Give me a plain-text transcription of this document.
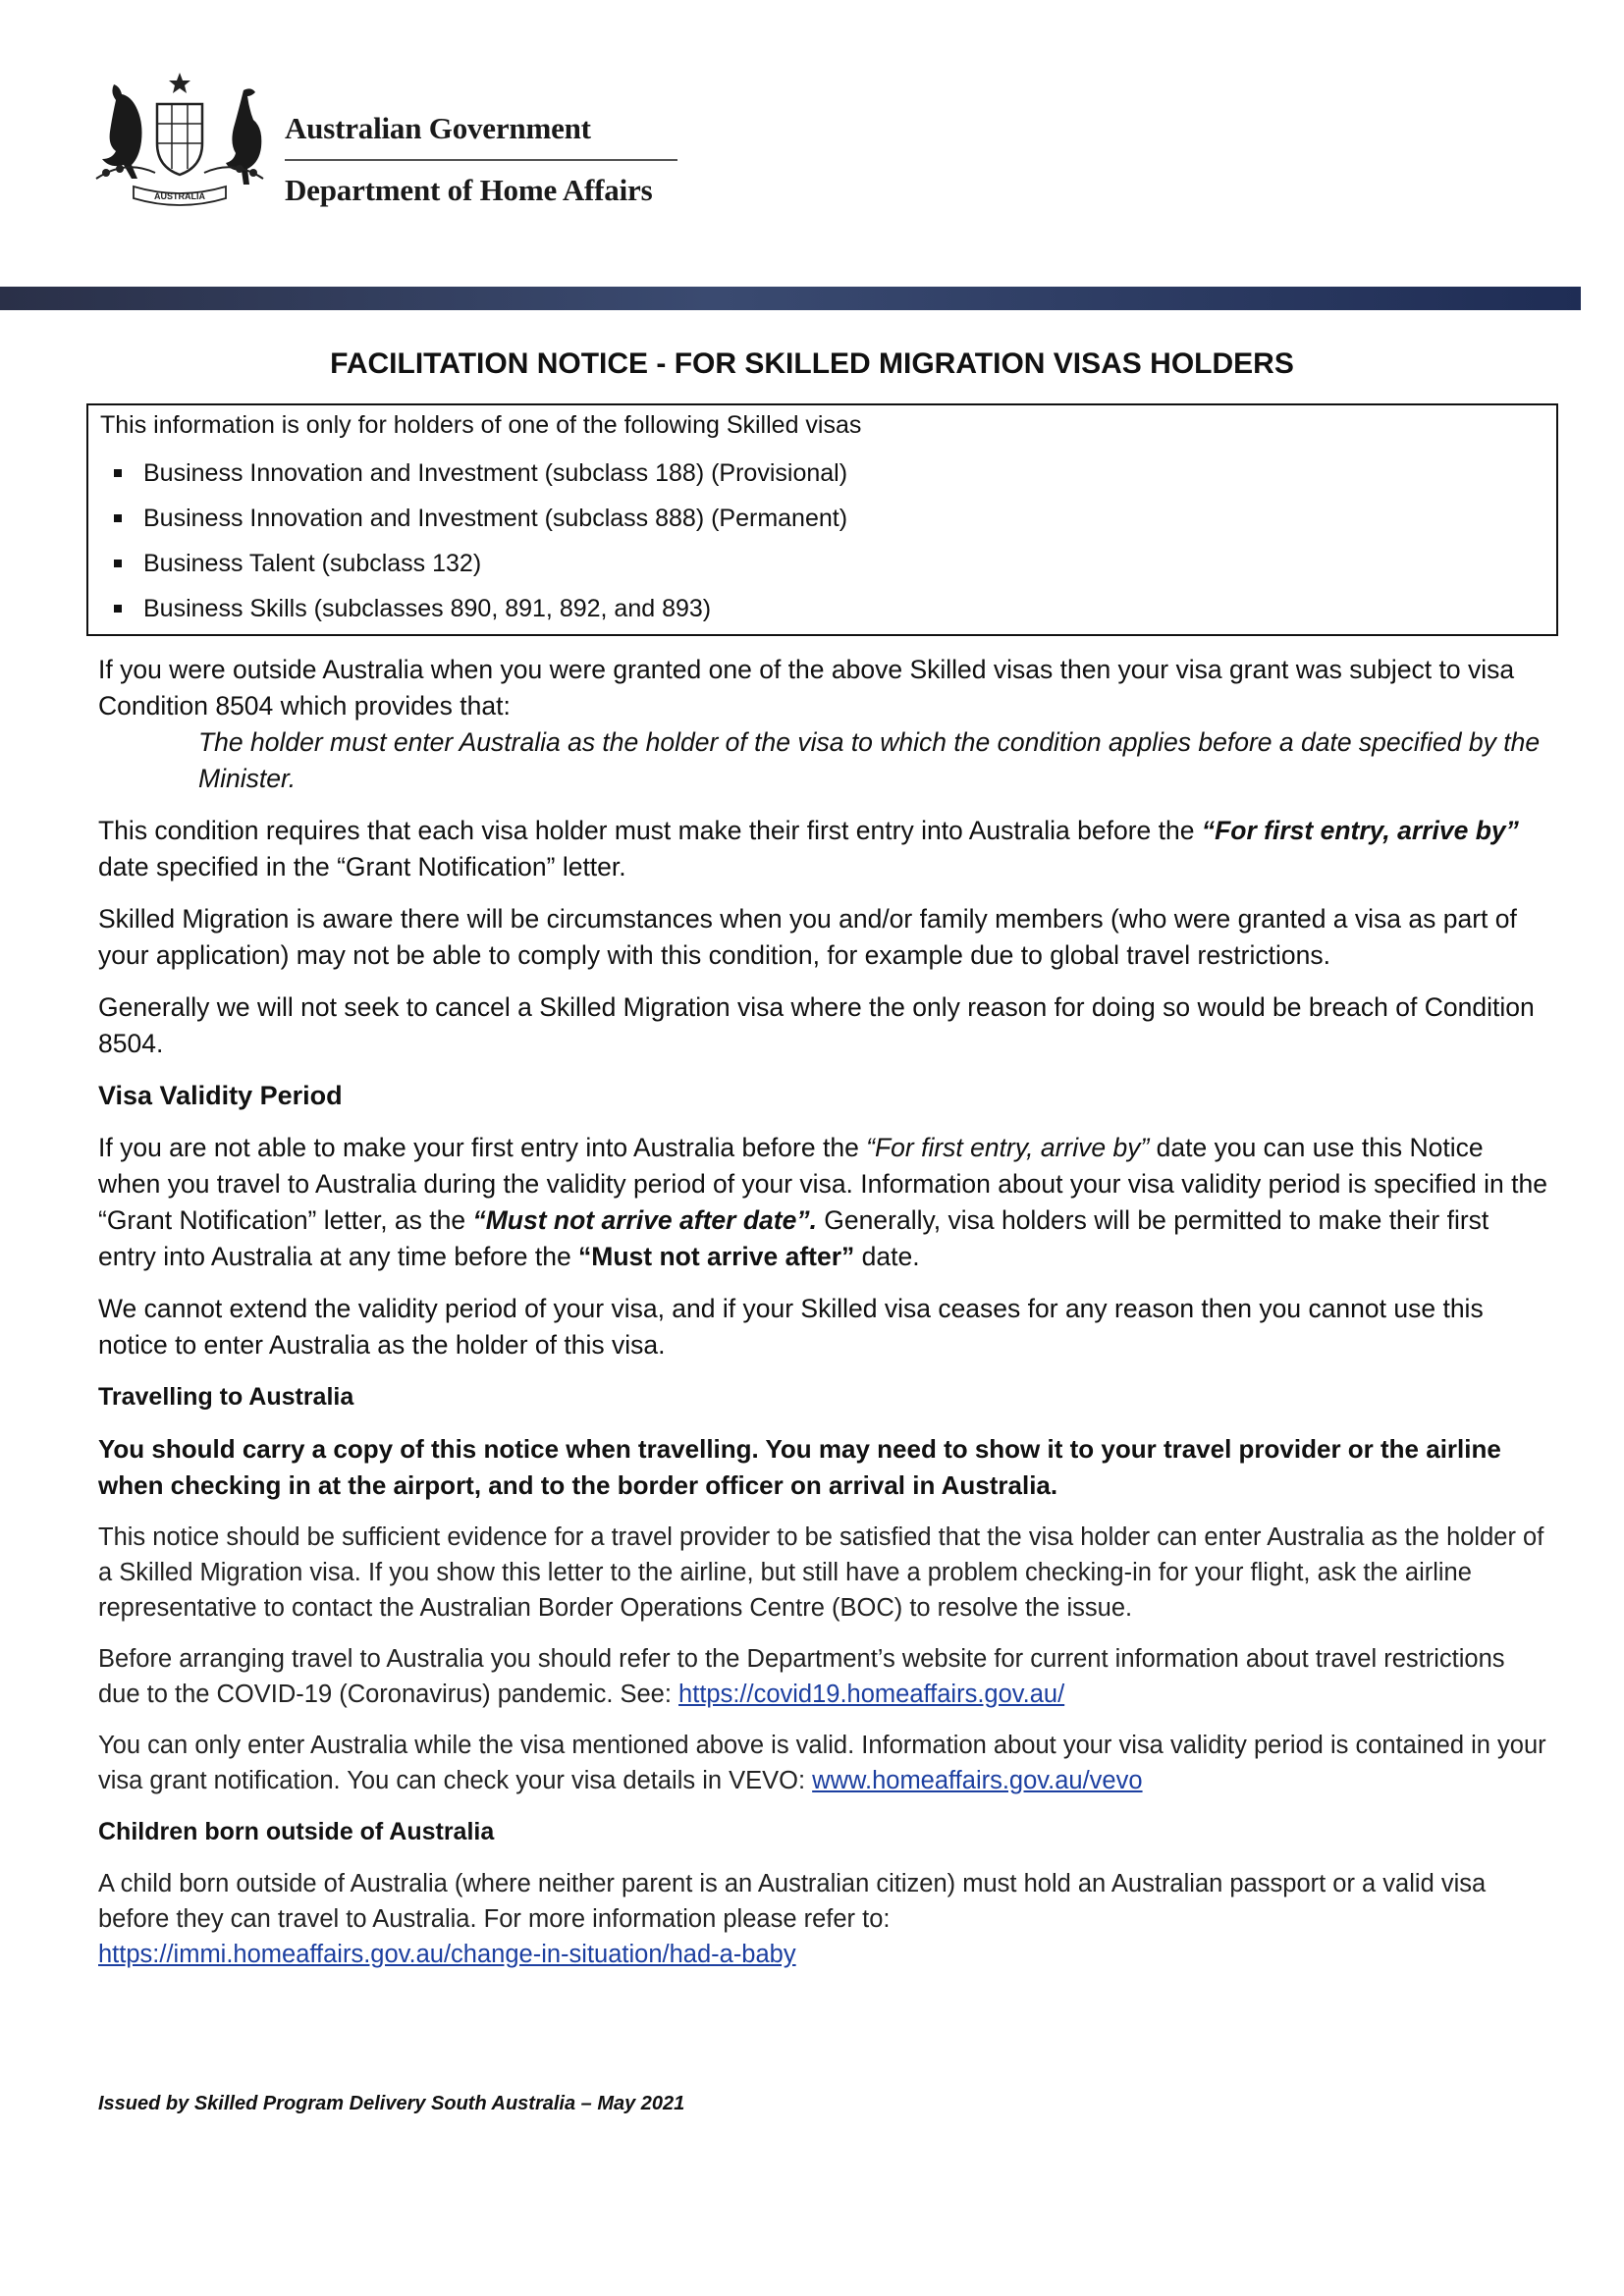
AUSTRALIA
Australian Government
Department of Home Affairs
FACILITATION NOTICE - FOR SKILLED MIGRATION VISAS HOLDERS
This information is only for holders of one of the following Skilled visas
Business Innovation and Investment (subclass 188) (Provisional)
Business Innovation and Investment (subclass 888) (Permanent)
Business Talent (subclass 132)
Business Skills (subclasses 890, 891, 892, and 893)

If you were outside Australia when you were granted one of the above Skilled visas then your visa grant was subject to visa Condition 8504 which provides that:

The holder must enter Australia as the holder of the visa to which the condition applies before a date specified by the Minister.

This condition requires that each visa holder must make their first entry into Australia before the “For first entry, arrive by” date specified in the “Grant Notification” letter.

Skilled Migration is aware there will be circumstances when you and/or family members (who were granted a visa as part of your application) may not be able to comply with this condition, for example due to global travel restrictions.

Generally we will not seek to cancel a Skilled Migration visa where the only reason for doing so would be breach of Condition 8504.

Visa Validity Period

If you are not able to make your first entry into Australia before the “For first entry, arrive by” date you can use this Notice when you travel to Australia during the validity period of your visa. Information about your visa validity period is specified in the “Grant Notification” letter, as the “Must not arrive after date”. Generally, visa holders will be permitted to make their first entry into Australia at any time before the “Must not arrive after” date.

We cannot extend the validity period of your visa, and if your Skilled visa ceases for any reason then you cannot use this notice to enter Australia as the holder of this visa.

Travelling to Australia

You should carry a copy of this notice when travelling. You may need to show it to your travel provider or the airline when checking in at the airport, and to the border officer on arrival in Australia.

This notice should be sufficient evidence for a travel provider to be satisfied that the visa holder can enter Australia as the holder of a Skilled Migration visa. If you show this letter to the airline, but still have a problem checking-in for your flight, ask the airline representative to contact the Australian Border Operations Centre (BOC) to resolve the issue.

Before arranging travel to Australia you should refer to the Department’s website for current information about travel restrictions due to the COVID-19 (Coronavirus) pandemic. See: https://covid19.homeaffairs.gov.au/

You can only enter Australia while the visa mentioned above is valid. Information about your visa validity period is contained in your visa grant notification. You can check your visa details in VEVO: www.homeaffairs.gov.au/vevo

Children born outside of Australia

A child born outside of Australia (where neither parent is an Australian citizen) must hold an Australian passport or a valid visa before they can travel to Australia. For more information please refer to:
https://immi.homeaffairs.gov.au/change-in-situation/had-a-baby

Issued by Skilled Program Delivery South Australia – May 2021
